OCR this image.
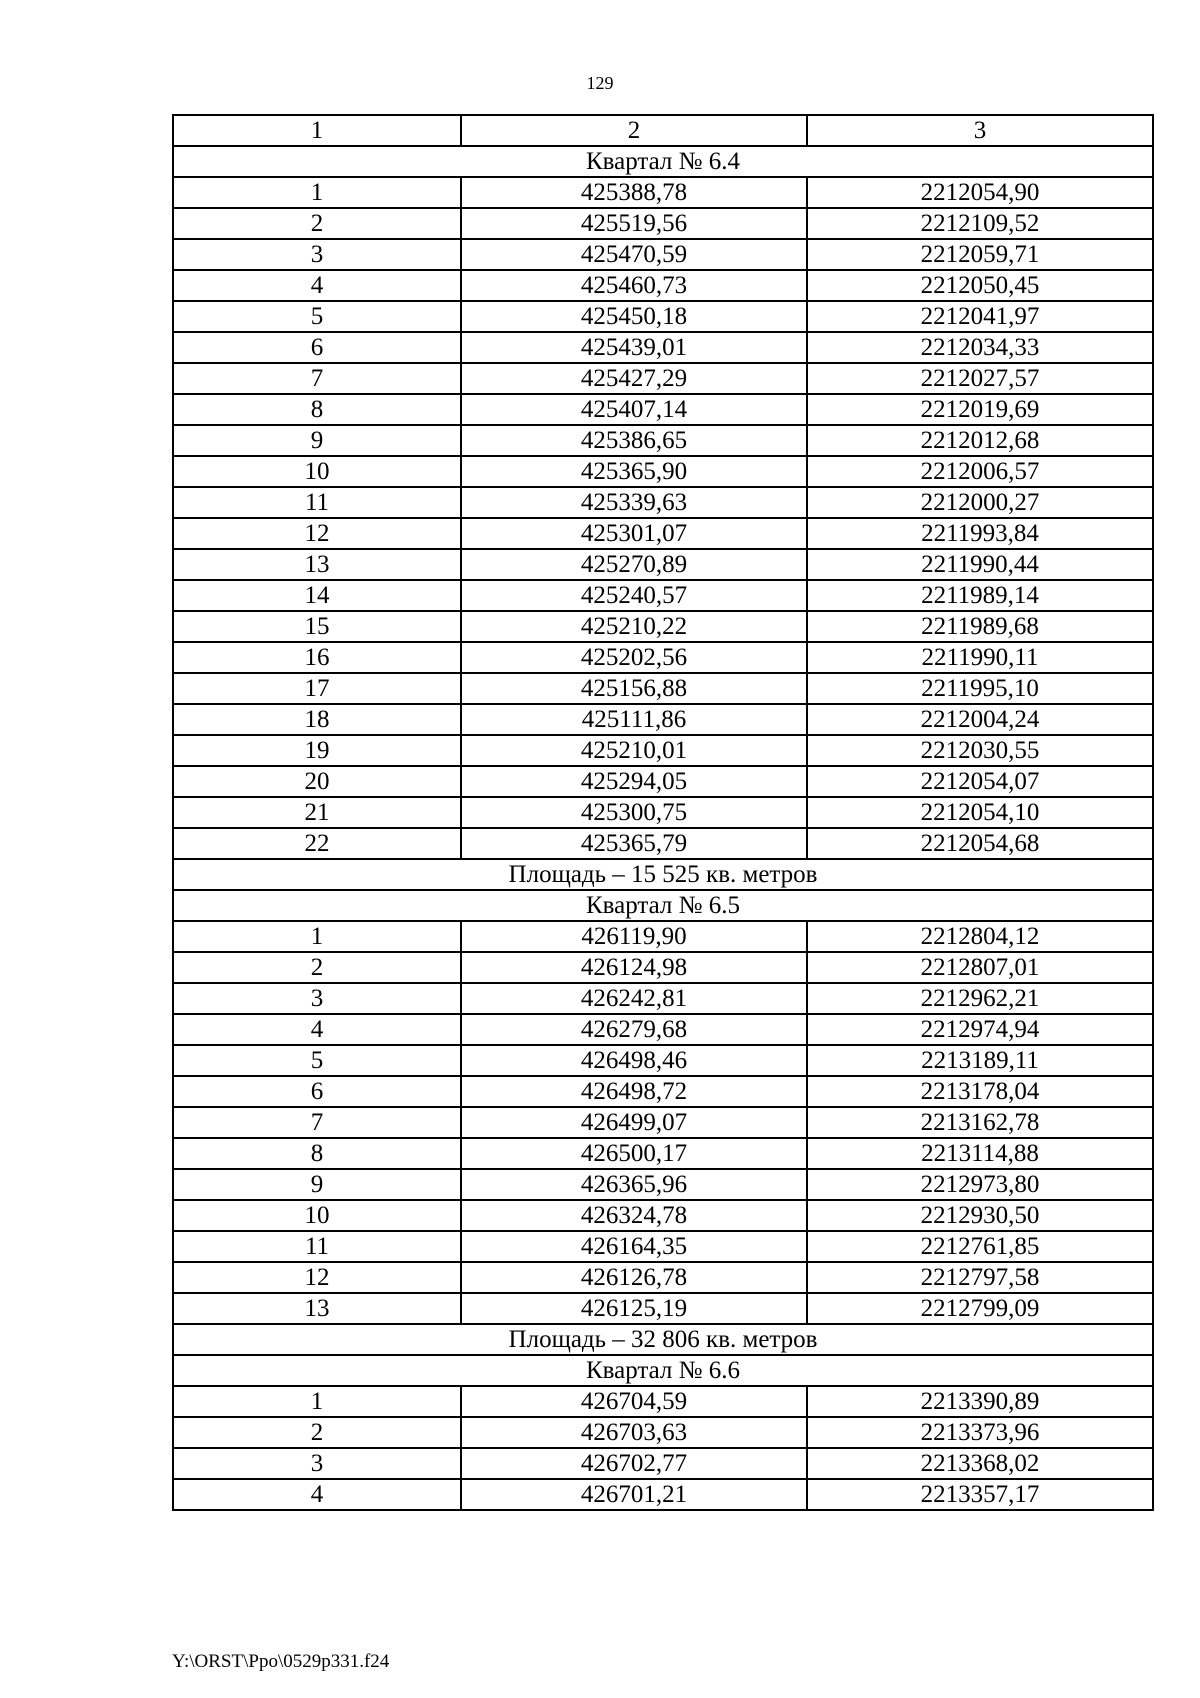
129
1	2	3
Квартал № 6.4		
1	425388,78	2212054,90
2	425519,56	2212109,52
3	425470,59	2212059,71
4	425460,73	2212050,45
5	425450,18	2212041,97
6	425439,01	2212034,33
7	425427,29	2212027,57
8	425407,14	2212019,69
9	425386,65	2212012,68
10	425365,90	2212006,57
11	425339,63	2212000,27
12	425301,07	2211993,84
13	425270,89	2211990,44
14	425240,57	2211989,14
15	425210,22	2211989,68
16	425202,56	2211990,11
17	425156,88	2211995,10
18	425111,86	2212004,24
19	425210,01	2212030,55
20	425294,05	2212054,07
21	425300,75	2212054,10
22	425365,79	2212054,68
Площадь – 15 525 кв. метров		
Квартал № 6.5		
1	426119,90	2212804,12
2	426124,98	2212807,01
3	426242,81	2212962,21
4	426279,68	2212974,94
5	426498,46	2213189,11
6	426498,72	2213178,04
7	426499,07	2213162,78
8	426500,17	2213114,88
9	426365,96	2212973,80
10	426324,78	2212930,50
11	426164,35	2212761,85
12	426126,78	2212797,58
13	426125,19	2212799,09
Площадь – 32 806 кв. метров		
Квартал № 6.6		
1	426704,59	2213390,89
2	426703,63	2213373,96
3	426702,77	2213368,02
4	426701,21	2213357,17
Y:\ORST\Ppo\0529p331.f24
